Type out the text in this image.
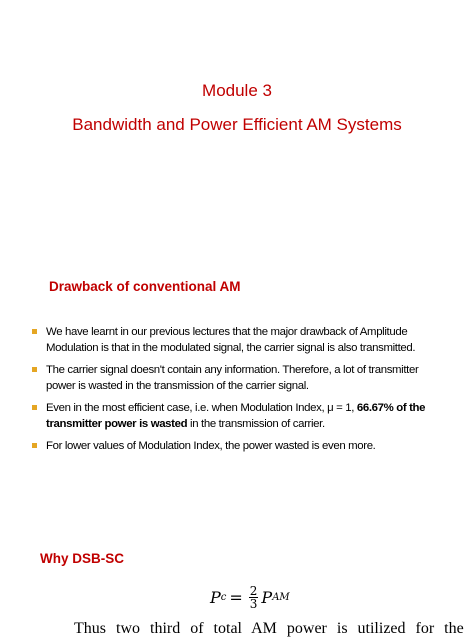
Module 3
Bandwidth and Power Efficient AM Systems
Drawback of conventional AM
We have learnt in our previous lectures that the major drawback of Amplitude
Modulation is that in the modulated signal, the carrier signal is also transmitted.
The carrier signal doesn't contain any information. Therefore, a lot of transmitter
power is wasted in the transmission of the carrier signal.
Even in the most efficient case, i.e. when Modulation Index, μ = 1, 66.67% of the
transmitter power is wasted in the transmission of carrier.
For lower values of Modulation Index, the power wasted is even more.
Why DSB-SC
P $c = \frac{2}{3}$ P AM
Thus two third of total AM power is utilized for the
